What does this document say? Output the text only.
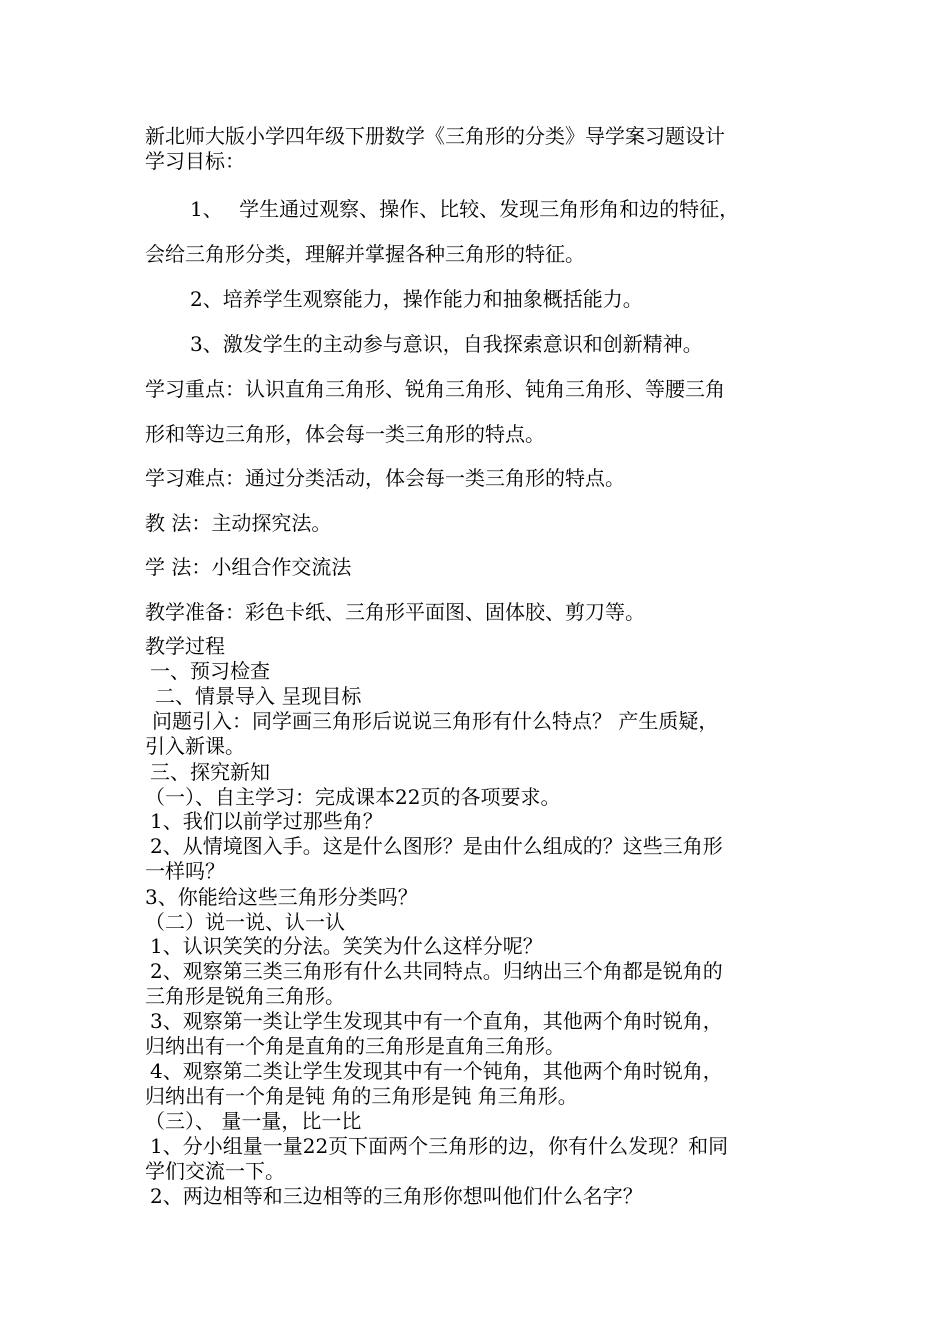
新北师大版小学四年级下册数学《三角形的分类》导学案习题设计

学习目标：

1、　 学生通过观察、操作、比较、发现三角形角和边的特征，

会给三角形分类，理解并掌握各种三角形的特征。

2、培养学生观察能力，操作能力和抽象概括能力。

3、激发学生的主动参与意识，自我探索意识和创新精神。

学习重点：认识直角三角形、锐角三角形、钝角三角形、等腰三角

形和等边三角形，体会每一类三角形的特点。

学习难点：通过分类活动，体会每一类三角形的特点。

教 法：主动探究法。

学 法：小组合作交流法

教学准备：彩色卡纸、三角形平面图、固体胶、剪刀等。

教学过程

一、预习检查

二、情景导入 呈现目标

问题引入：同学画三角形后说说三角形有什么特点？ 产生质疑，

引入新课。

三、探究新知

（一）、自主学习：完成课本22页的各项要求。

1、我们以前学过那些角？

2、从情境图入手。这是什么图形？是由什么组成的？这些三角形

一样吗？

3、你能给这些三角形分类吗？

（二）说一说、认一认

1、认识笑笑的分法。笑笑为什么这样分呢？

2、观察第三类三角形有什么共同特点。归纳出三个角都是锐角的

三角形是锐角三角形。

3、观察第一类让学生发现其中有一个直角，其他两个角时锐角，

归纳出有一个角是直角的三角形是直角三角形。

4、观察第二类让学生发现其中有一个钝角，其他两个角时锐角，

归纳出有一个角是钝 角的三角形是钝 角三角形。

（三）、 量一量，比一比

1、分小组量一量22页下面两个三角形的边，你有什么发现？和同

学们交流一下。

2、两边相等和三边相等的三角形你想叫他们什么名字？
